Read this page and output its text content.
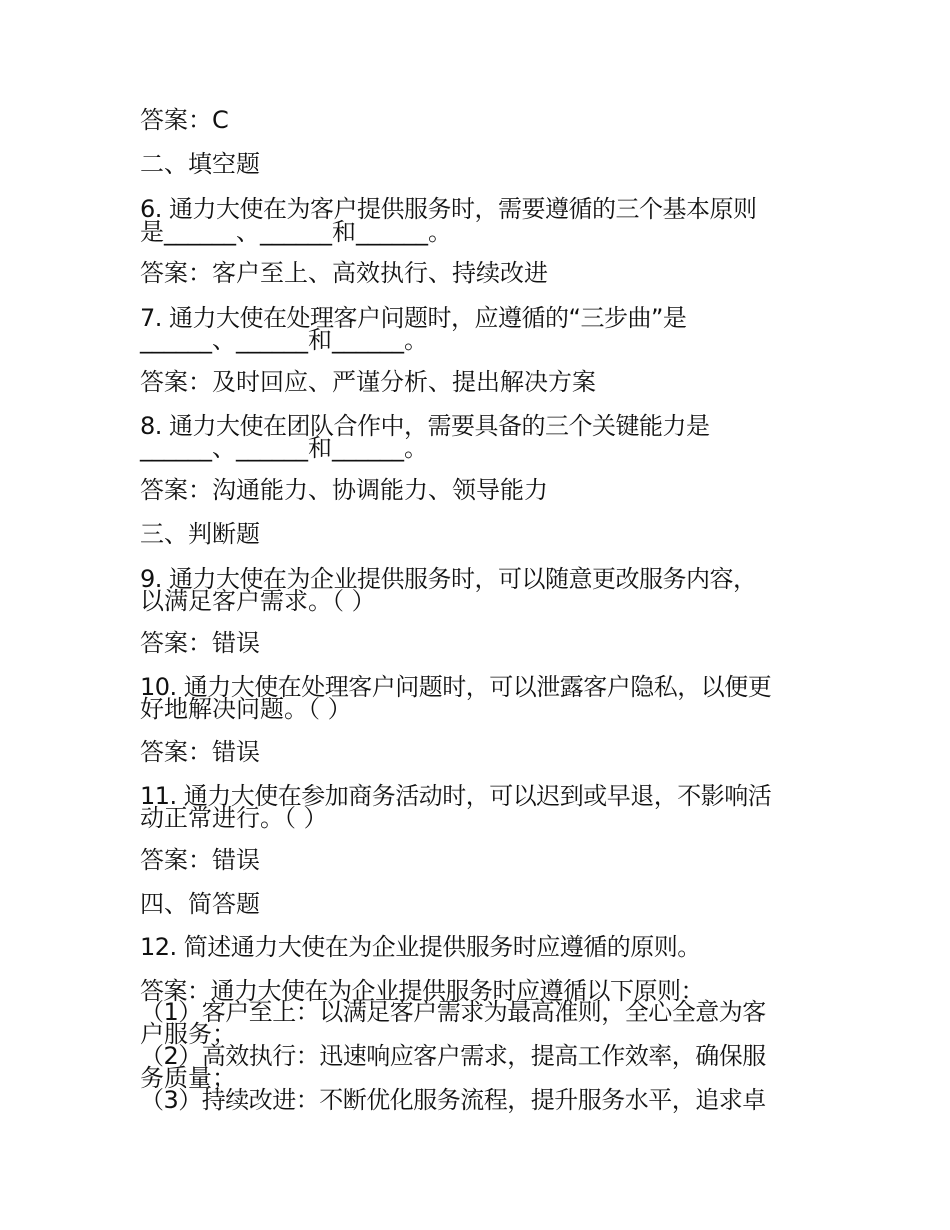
答案：C

二、填空题

6. 通力大使在为客户提供服务时，需要遵循的三个基本原则

是______、______和______。

答案：客户至上、高效执行、持续改进

7. 通力大使在处理客户问题时，应遵循的“三步曲”是

______、______和______。

答案：及时回应、严谨分析、提出解决方案

8. 通力大使在团队合作中，需要具备的三个关键能力是

______、______和______。

答案：沟通能力、协调能力、领导能力

三、判断题

9. 通力大使在为企业提供服务时，可以随意更改服务内容，

以满足客户需求。（ ）

答案：错误

10. 通力大使在处理客户问题时，可以泄露客户隐私，以便更

好地解决问题。（ ）

答案：错误

11. 通力大使在参加商务活动时，可以迟到或早退，不影响活

动正常进行。（ ）

答案：错误

四、简答题

12. 简述通力大使在为企业提供服务时应遵循的原则。

答案：通力大使在为企业提供服务时应遵循以下原则：

（1）客户至上：以满足客户需求为最高准则，全心全意为客

户服务；

（2）高效执行：迅速响应客户需求，提高工作效率，确保服

务质量；

（3）持续改进：不断优化服务流程，提升服务水平，追求卓
